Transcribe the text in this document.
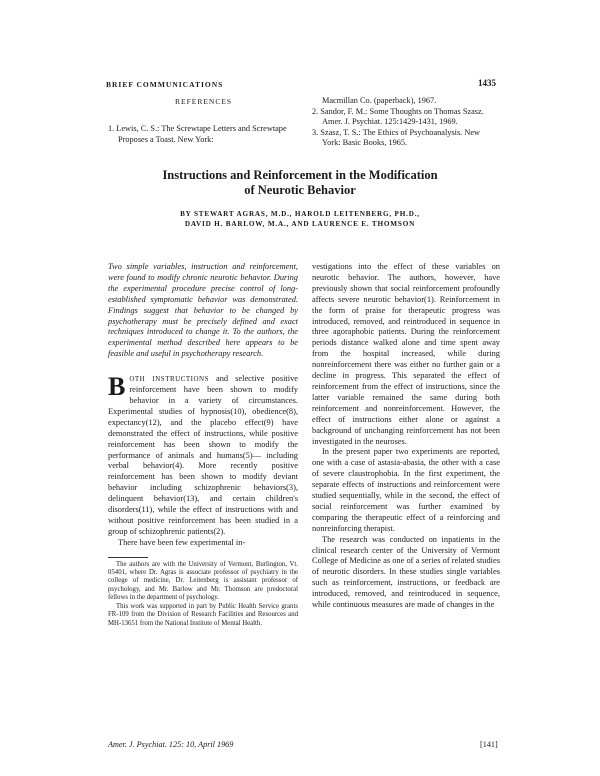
BRIEF COMMUNICATIONS	1435
REFERENCES

1. Lewis, C. S.: The Screwtape Letters and Screwtape Proposes a Toast. New York:

Macmillan Co. (paperback), 1967.

2. Sandor, F. M.: Some Thoughts on Thomas Szasz. Amer. J. Psychiat. 125:1429-1431, 1969.

3. Szasz, T. S.: The Ethics of Psychoanalysis. New York: Basic Books, 1965.

Instructions and Reinforcement in the Modification
of Neurotic Behavior
BY STEWART AGRAS, M.D., HAROLD LEITENBERG, PH.D.,
DAVID H. BARLOW, M.A., AND LAURENCE E. THOMSON

Two simple variables, instruction and reinforcement, were found to modify chronic neurotic behavior. During the experimental procedure precise control of long-established symptomatic behavior was demonstrated. Findings suggest that behavior to be changed by psychotherapy must be precisely defined and exact techniques introduced to change it. To the authors, the experimental method described here appears to be feasible and useful in psychotherapy research.

BOTH INSTRUCTIONS and selective positive reinforcement have been shown to modify behavior in a variety of circumstances. Experimental studies of hypnosis(10), obedience(8), expectancy(12), and the placebo effect(9) have demonstrated the effect of instructions, while positive reinforcement has been shown to modify the performance of animals and humans(5)— including verbal behavior(4). More recently positive reinforcement has been shown to modify deviant behavior including schizophrenic behaviors(3), delinquent behavior(13), and certain children's disorders(11), while the effect of instructions with and without positive reinforcement has been studied in a group of schizophrenic patients(2).

There have been few experimental in-

The authors are with the University of Vermont, Burlington, Vt. 05401, where Dr. Agras is associate professor of psychiatry in the college of medicine, Dr. Leitenberg is assistant professor of psychology, and Mr. Barlow and Mr. Thomson are predoctoral fellows in the department of psychology.

This work was supported in part by Public Health Service grants FR-109 from the Division of Research Facilities and Resources and MH-13651 from the National Institute of Mental Health.

vestigations into the effect of these variables on neurotic behavior. The authors, however, have previously shown that social reinforcement profoundly affects severe neurotic behavior(1). Reinforcement in the form of praise for therapeutic progress was introduced, removed, and reintroduced in sequence in three agoraphobic patients. During the reinforcement periods distance walked alone and time spent away from the hospital increased, while during nonreinforcement there was either no further gain or a decline in progress. This separated the effect of reinforcement from the effect of instructions, since the latter variable remained the same during both reinforcement and nonreinforcement. However, the effect of instructions either alone or against a background of unchanging reinforcement has not been investigated in the neuroses.

In the present paper two experiments are reported, one with a case of astasia-abasia, the other with a case of severe claustrophobia. In the first experiment, the separate effects of instructions and reinforcement were studied sequentially, while in the second, the effect of social reinforcement was further examined by comparing the therapeutic effect of a reinforcing and nonreinforcing therapist.

The research was conducted on inpatients in the clinical research center of the University of Vermont College of Medicine as one of a series of related studies of neurotic disorders. In these studies single variables such as reinforcement, instructions, or feedback are introduced, removed, and reintroduced in sequence, while continuous measures are made of changes in the

Amer. J. Psychiat. 125: 10, April 1969	[141]
